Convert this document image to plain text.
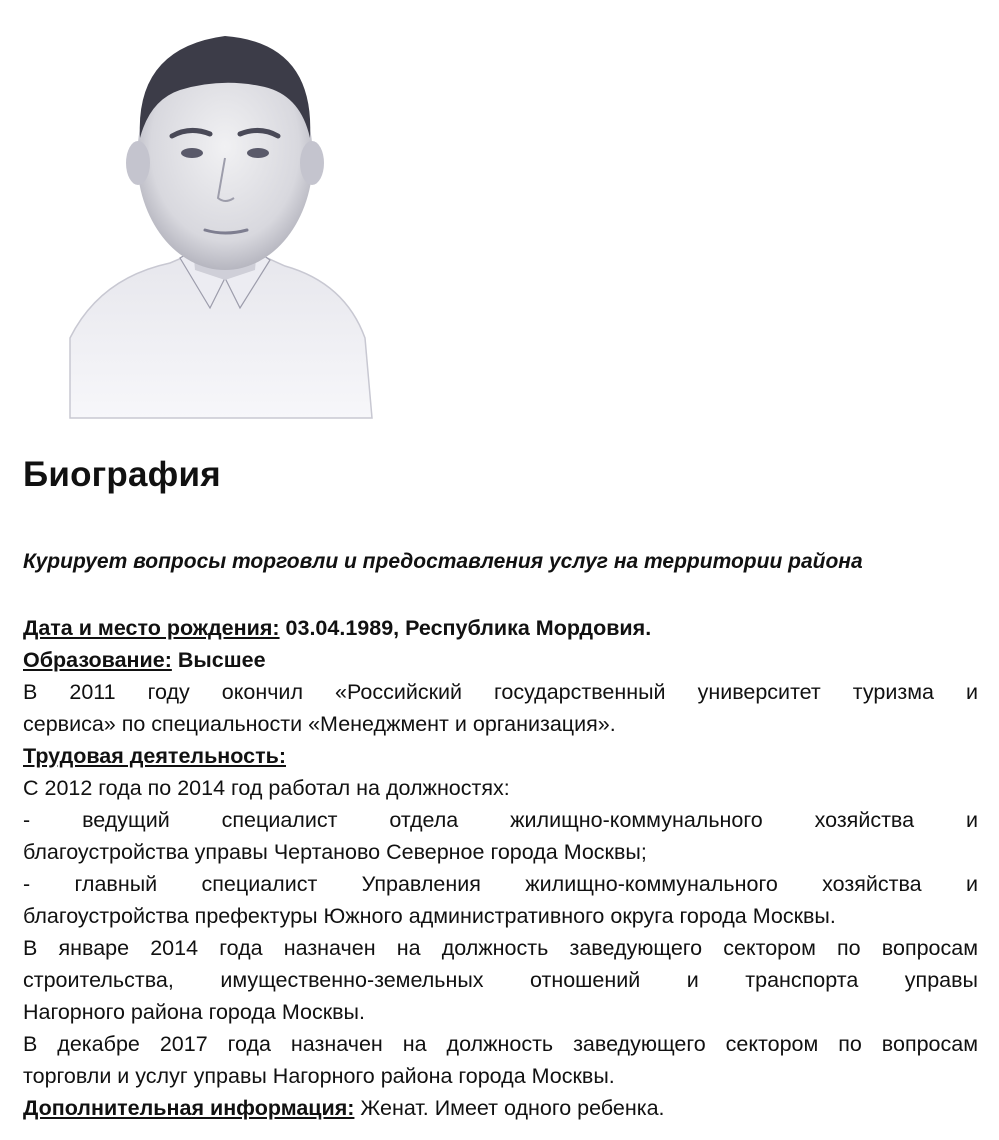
Биография

Курирует вопросы торговли и предоставления услуг на территории района

Дата и место рождения: 03.04.1989, Республика Мордовия.

Образование: Высшее

В 2011 году окончил «Российский государственный университет туризма и

сервиса» по специальности «Менеджмент и организация».

Трудовая деятельность:

С 2012 года по 2014 год работал на должностях:

- ведущий специалист отдела жилищно-коммунального хозяйства и

благоустройства управы Чертаново Северное города Москвы;

- главный специалист Управления жилищно-коммунального хозяйства и

благоустройства префектуры Южного административного округа города Москвы.

В январе 2014 года назначен на должность заведующего сектором по вопросам

строительства, имущественно-земельных отношений и транспорта управы

Нагорного района города Москвы.

В декабре 2017 года назначен на должность заведующего сектором по вопросам

торговли и услуг управы Нагорного района города Москвы.

Дополнительная информация: Женат. Имеет одного ребенка.
